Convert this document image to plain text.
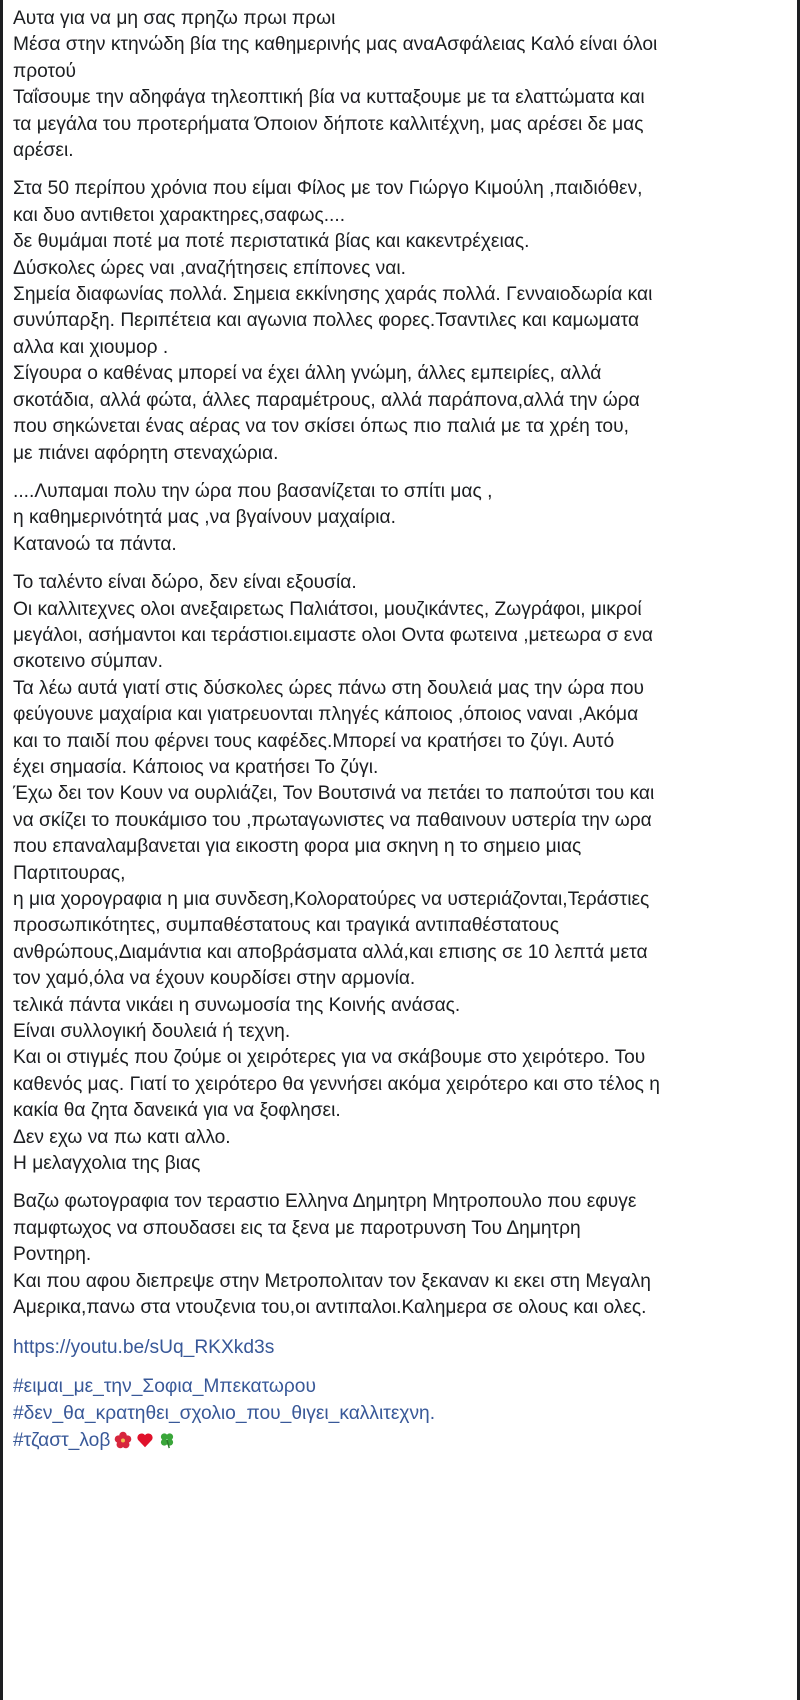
Αυτα για να μη σας πρηζω πρωι πρωι
Μέσα στην κτηνώδη βία της καθημερινής μας αναΑσφάλειας Καλό είναι όλοι
προτού
Ταΐσουμε την αδηφάγα τηλεοπτική βία να κυτταξουμε με τα ελαττώματα και
τα μεγάλα του προτερήματα Όποιον δήποτε καλλιτέχνη, μας αρέσει δε μας
αρέσει.
Στα 50 περίπου χρόνια που είμαι Φίλος με τον Γιώργο Κιμούλη ,παιδιόθεν,
και δυο αντιθετοι χαρακτηρες,σαφως....
δε θυμάμαι ποτέ μα ποτέ περιστατικά βίας και κακεντρέχειας.
Δύσκολες ώρες ναι ,αναζήτησεις επίπονες ναι.
Σημεία διαφωνίας πολλά. Σημεια εκκίνησης χαράς πολλά. Γενναιοδωρία και
συνύπαρξη. Περιπέτεια και αγωνια πολλες φορες.Τσαντιλες και καμωματα
αλλα και χιουμορ .
Σίγουρα ο καθένας μπορεί να έχει άλλη γνώμη, άλλες εμπειρίες, αλλά
σκοτάδια, αλλά φώτα, άλλες παραμέτρους, αλλά παράπονα,αλλά την ώρα
που σηκώνεται ένας αέρας να τον σκίσει όπως πιο παλιά με τα χρέη του,
με πιάνει αφόρητη στεναχώρια.
....Λυπαμαι πολυ την ώρα που βασανίζεται το σπίτι μας ,
η καθημερινότητά μας ,να βγαίνουν μαχαίρια.
Κατανοώ τα πάντα.
Το ταλέντο είναι δώρο, δεν είναι εξουσία.
Οι καλλιτεχνες ολοι ανεξαιρετως Παλιάτσοι, μουζικάντες, Ζωγράφοι, μικροί
μεγάλοι, ασήμαντοι και τεράστιοι.ειμαστε ολοι Οντα φωτεινα ,μετεωρα σ ενα
σκοτεινο σύμπαν.
Τα λέω αυτά γιατί στις δύσκολες ώρες πάνω στη δουλειά μας την ώρα που
φεύγουνε μαχαίρια και γιατρευονται πληγές κάποιος ,όποιος ναναι ,Ακόμα
και το παιδί που φέρνει τους καφέδες.Μπορεί να κρατήσει το ζύγι. Αυτό
έχει σημασία. Κάποιος να κρατήσει Το ζύγι.
Έχω δει τον Κουν να ουρλιάζει, Τον Βουτσινά να πετάει το παπούτσι του και
να σκίζει το πουκάμισο του ,πρωταγωνιστες να παθαινουν υστερία την ωρα
που επαναλαμβανεται για εικοστη φορα μια σκηνη η το σημειο μιας
Παρτιτουρας,
η μια χορογραφια η μια συνδεση,Κολορατούρες να υστεριάζονται,Τεράστιες
προσωπικότητες, συμπαθέστατους και τραγικά αντιπαθέστατους
ανθρώπους,Διαμάντια και αποβράσματα αλλά,και επισης σε 10 λεπτά μετα
τον χαμό,όλα να έχουν κουρδίσει στην αρμονία.
τελικά πάντα νικάει η συνωμοσία της Κοινής ανάσας.
Είναι συλλογική δουλειά ή τεχνη.
Και οι στιγμές που ζούμε οι χειρότερες για να σκάβουμε στο χειρότερο. Του
καθενός μας. Γιατί το χειρότερο θα γεννήσει ακόμα χειρότερο και στο τέλος η
κακία θα ζητα δανεικά για να ξοφλησει.
Δεν εχω να πω κατι αλλο.
Η μελαγχολια της βιας
Βαζω φωτογραφια τον τεραστιο Ελληνα Δημητρη Μητροπουλο που εφυγε
παμφτωχος να σπουδασει εις τα ξενα με παροτρυνση Του Δημητρη
Ροντηρη.
Και που αφου διεπρεψε στην Μετροπολιταν τον ξεκαναν κι εκει στη Μεγαλη
Αμερικα,πανω στα ντουζενια του,οι αντιπαλοι.Καλημερα σε ολους και ολες.
https://youtu.be/sUq_RKXkd3s
#ειμαι_με_την_Σοφια_Μπεκατωρου
#δεν_θα_κρατηθει_σχολιο_που_θιγει_καλλιτεχνη.
#τζαστ_λοβ
